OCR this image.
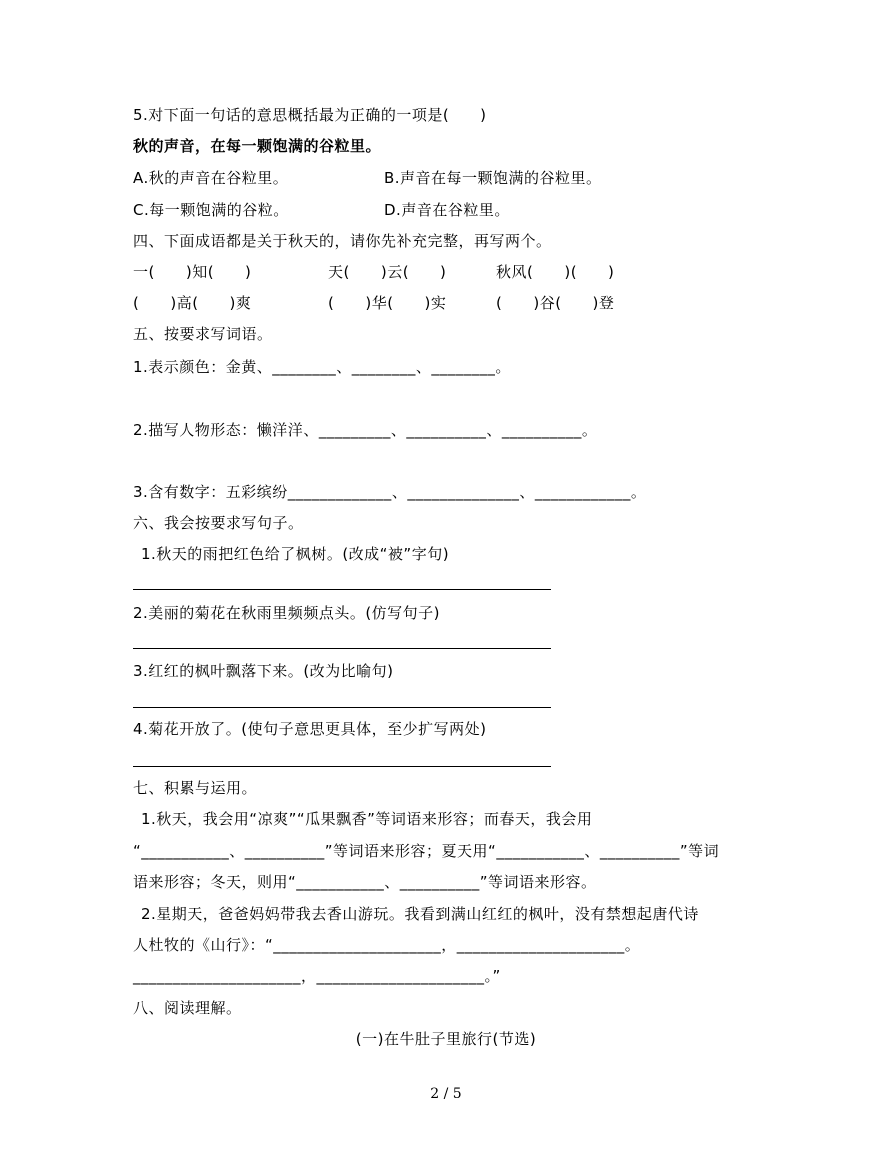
5.对下面一句话的意思概括最为正确的一项是(　　)
秋的声音，在每一颗饱满的谷粒里。
A.秋的声音在谷粒里。	B.声音在每一颗饱满的谷粒里。
C.每一颗饱满的谷粒。	D.声音在谷粒里。
四、下面成语都是关于秋天的，请你先补充完整，再写两个。
一(　　)知(　　)	天(　　)云(　　)	秋风(　　)(　　)
(　　)高(　　)爽	(　　)华(　　)实	(　　)谷(　　)登
五、按要求写词语。
1.表示颜色：金黄、________、________、________。
2.描写人物形态：懒洋洋、_________、__________、__________。
3.含有数字：五彩缤纷_____________、______________、____________。
六、我会按要求写句子。
1.秋天的雨把红色给了枫树。(改成“被”字句)
2.美丽的菊花在秋雨里频频点头。(仿写句子)
3.红红的枫叶飘落下来。(改为比喻句)
4.菊花开放了。(使句子意思更具体，至少扩写两处)
七、积累与运用。
1.秋天，我会用“凉爽”“瓜果飘香”等词语来形容；而春天，我会用
“___________、__________”等词语来形容；夏天用“___________、__________”等词
语来形容；冬天，则用“___________、__________”等词语来形容。
2.星期天，爸爸妈妈带我去香山游玩。我看到满山红红的枫叶，没有禁想起唐代诗
人杜牧的《山行》：“_____________________，_____________________。
_____________________，_____________________。”
八、阅读理解。
(一)在牛肚子里旅行(节选)
2 / 5
